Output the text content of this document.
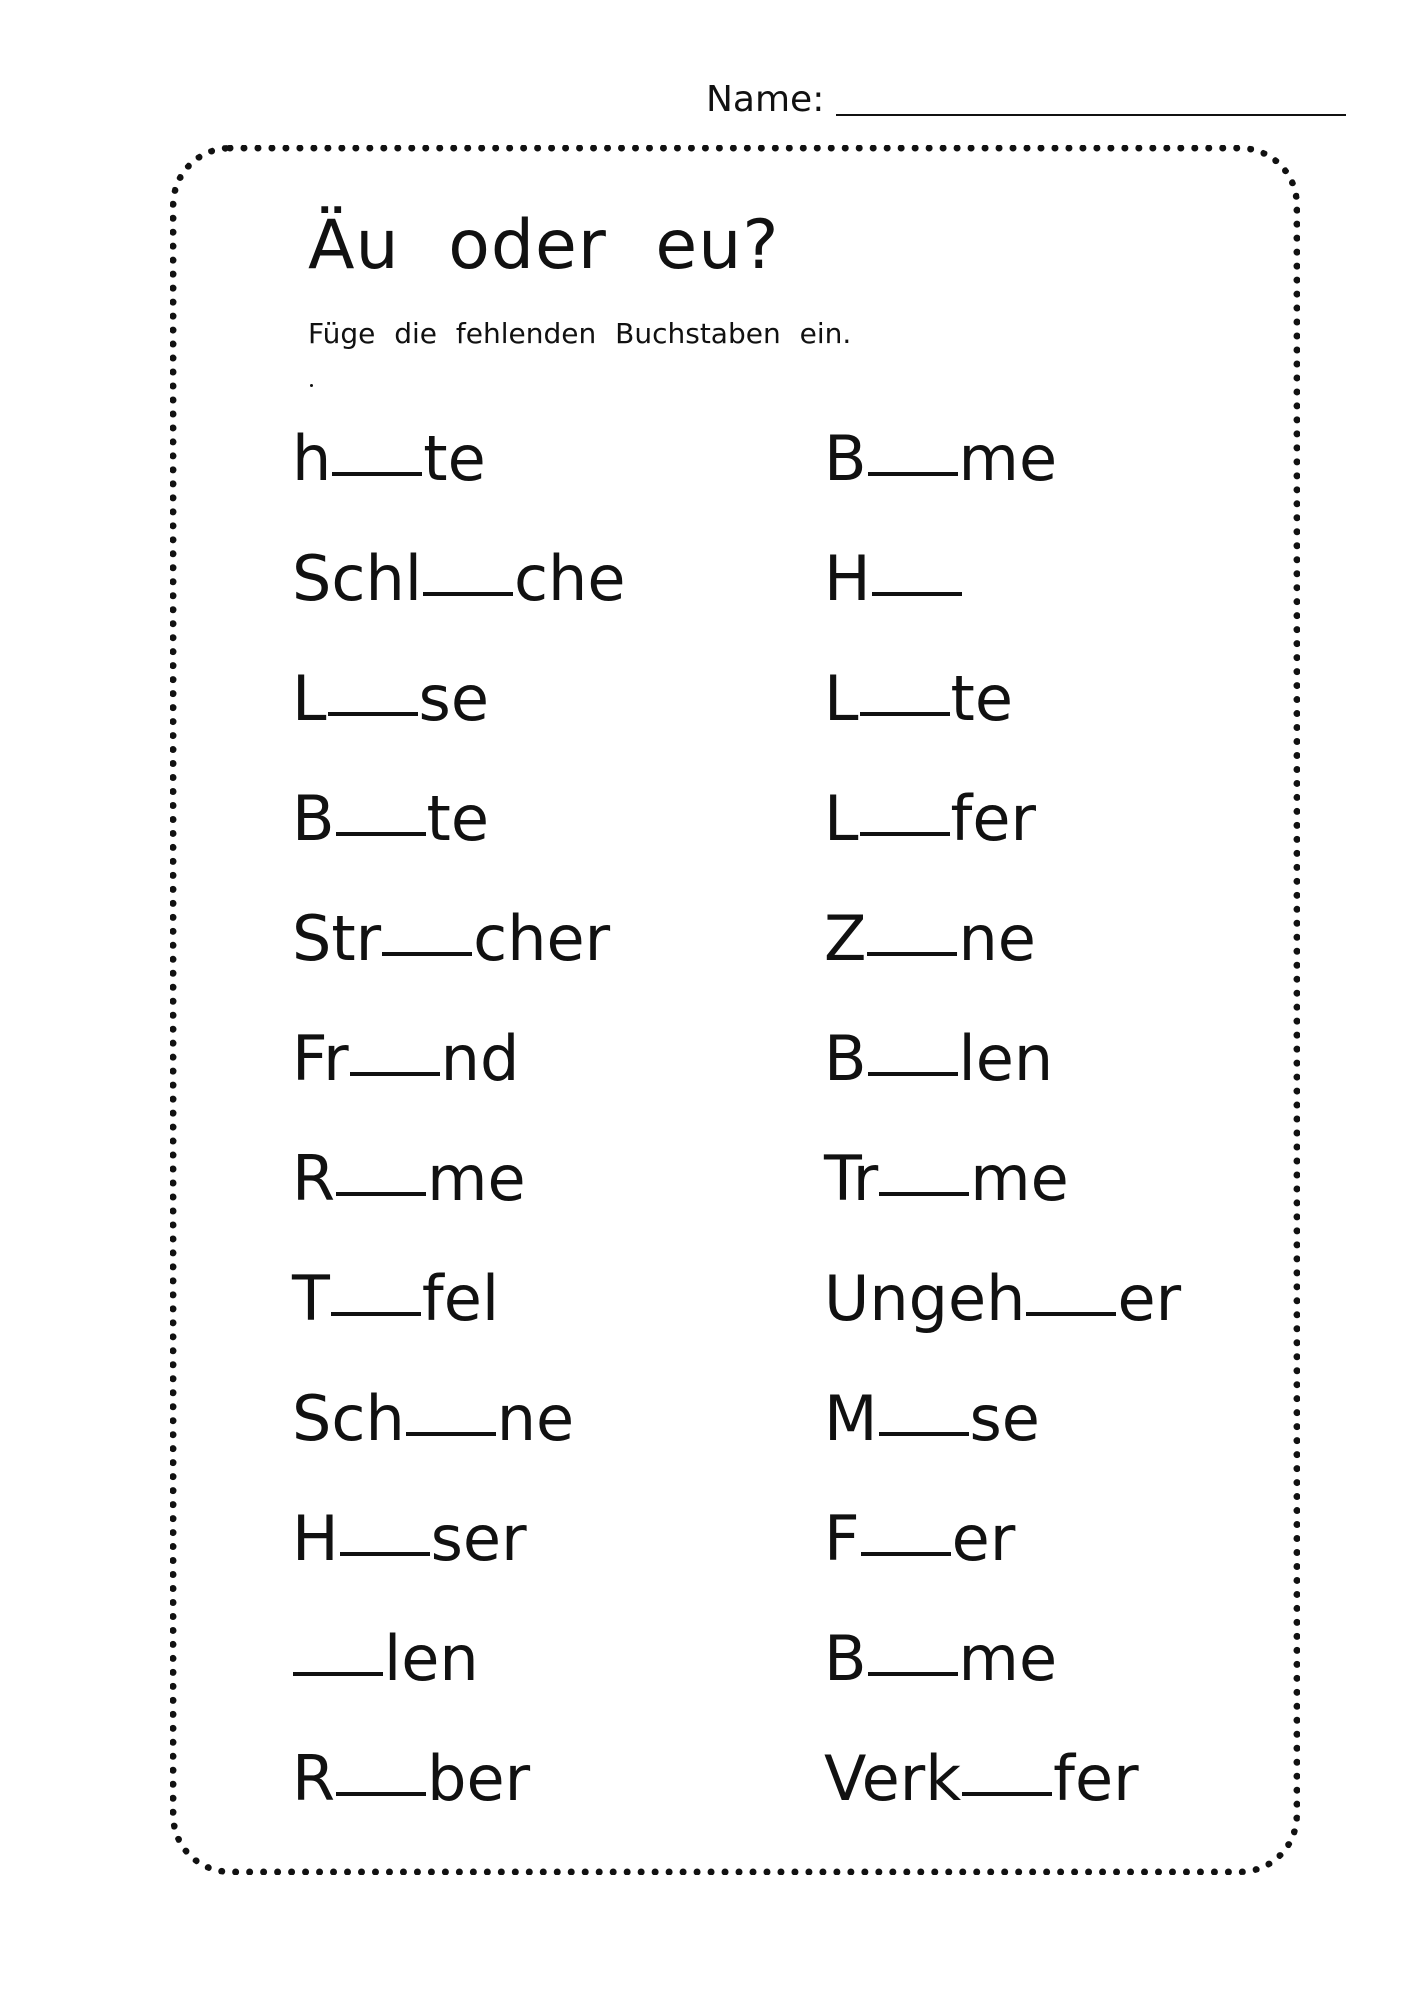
Name:
Äu oder eu?
Füge die fehlenden Buchstaben ein.
h te
Schl che
L se
B te
Str cher
Fr nd
R me
T fel
Sch ne
H ser
len
R ber
B me
H
L te
L fer
Z ne
B len
Tr me
Ungeh er
M se
F er
B me
Verk fer
